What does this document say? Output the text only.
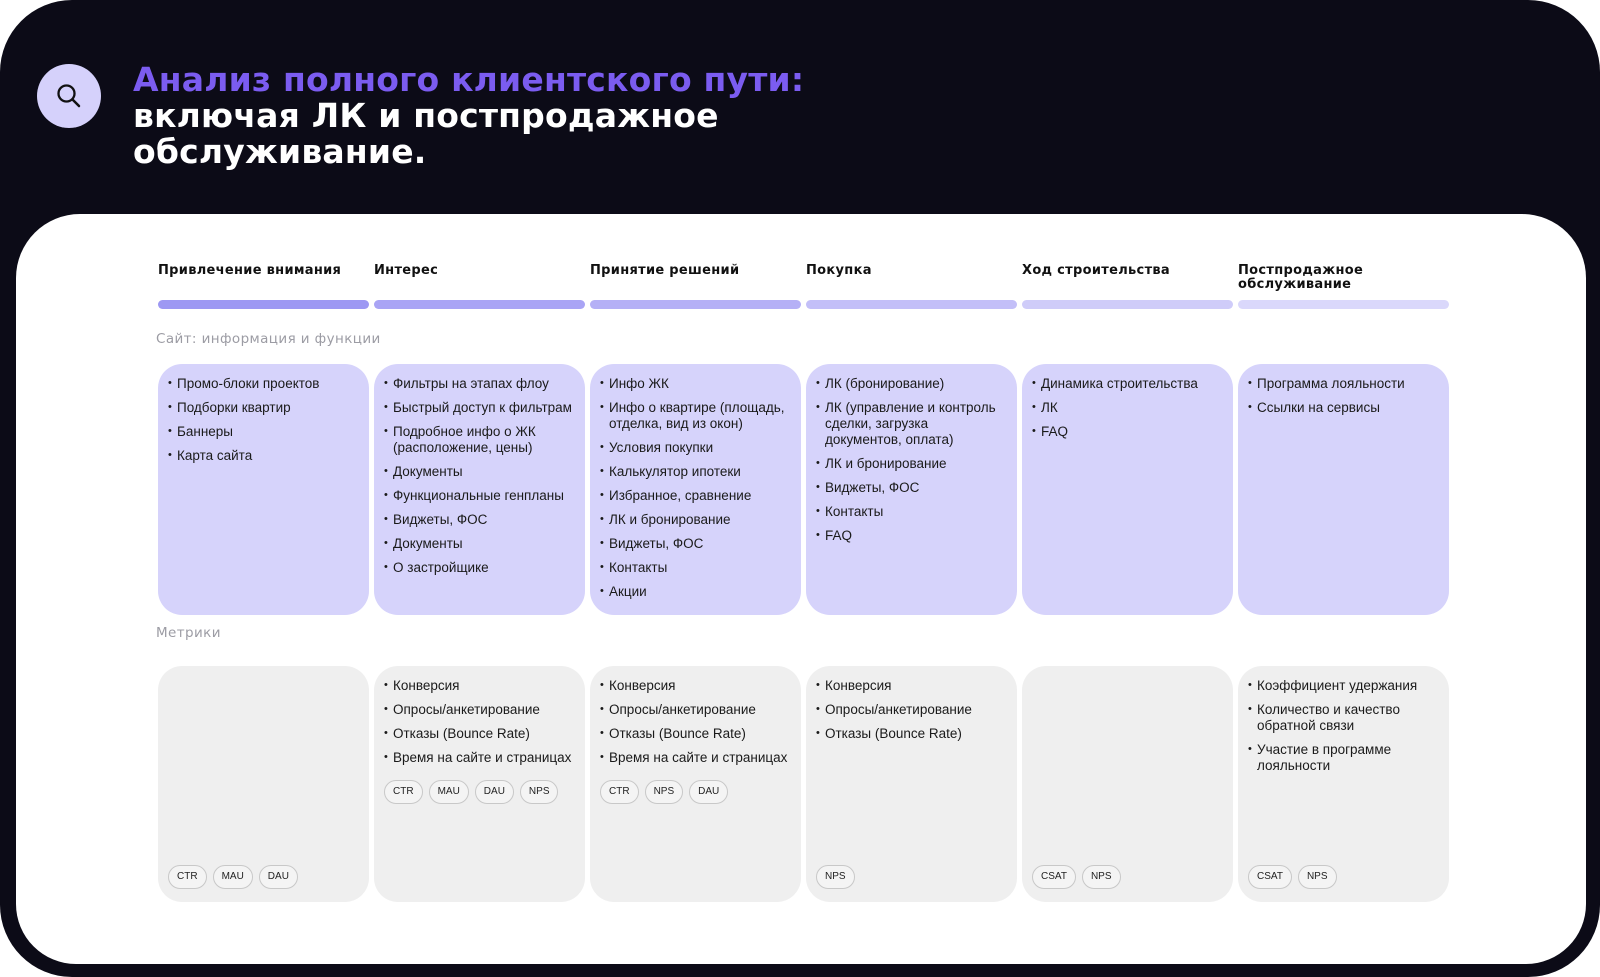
Анализ полного клиентского пути:
включая ЛК и постпродажное обслуживание.
Сайт: информация и функции
Метрики
Привлечение внимания
• Промо-блоки проектов
• Подборки квартир
• Баннеры
• Карта сайта
CTR	MAU	DAU
Интерес
• Фильтры на этапах флоу
• Быстрый доступ к фильтрам
• Подробное инфо о ЖК (расположение, цены)
• Документы
• Функциональные генпланы
• Виджеты, ФОС
• Документы
• О застройщике
• Конверсия
• Опросы/анкетирование
• Отказы (Bounce Rate)
• Время на сайте и страницах
CTR	MAU	DAU	NPS
Принятие решений
• Инфо ЖК
• Инфо о квартире (площадь, отделка, вид из окон)
• Условия покупки
• Калькулятор ипотеки
• Избранное, сравнение
• ЛК и бронирование
• Виджеты, ФОС
• Контакты
• Акции
• Конверсия
• Опросы/анкетирование
• Отказы (Bounce Rate)
• Время на сайте и страницах
CTR	NPS	DAU
Покупка
• ЛК (бронирование)
• ЛК (управление и контроль сделки, загрузка документов, оплата)
• ЛК и бронирование
• Виджеты, ФОС
• Контакты
• FAQ
• Конверсия
• Опросы/анкетирование
• Отказы (Bounce Rate)
NPS
Ход строительства
• Динамика строительства
• ЛК
• FAQ
CSAT	NPS
Постпродажное обслуживание
• Программа лояльности
• Ссылки на сервисы
• Коэффициент удержания
• Количество и качество обратной связи
• Участие в программе лояльности
CSAT	NPS
